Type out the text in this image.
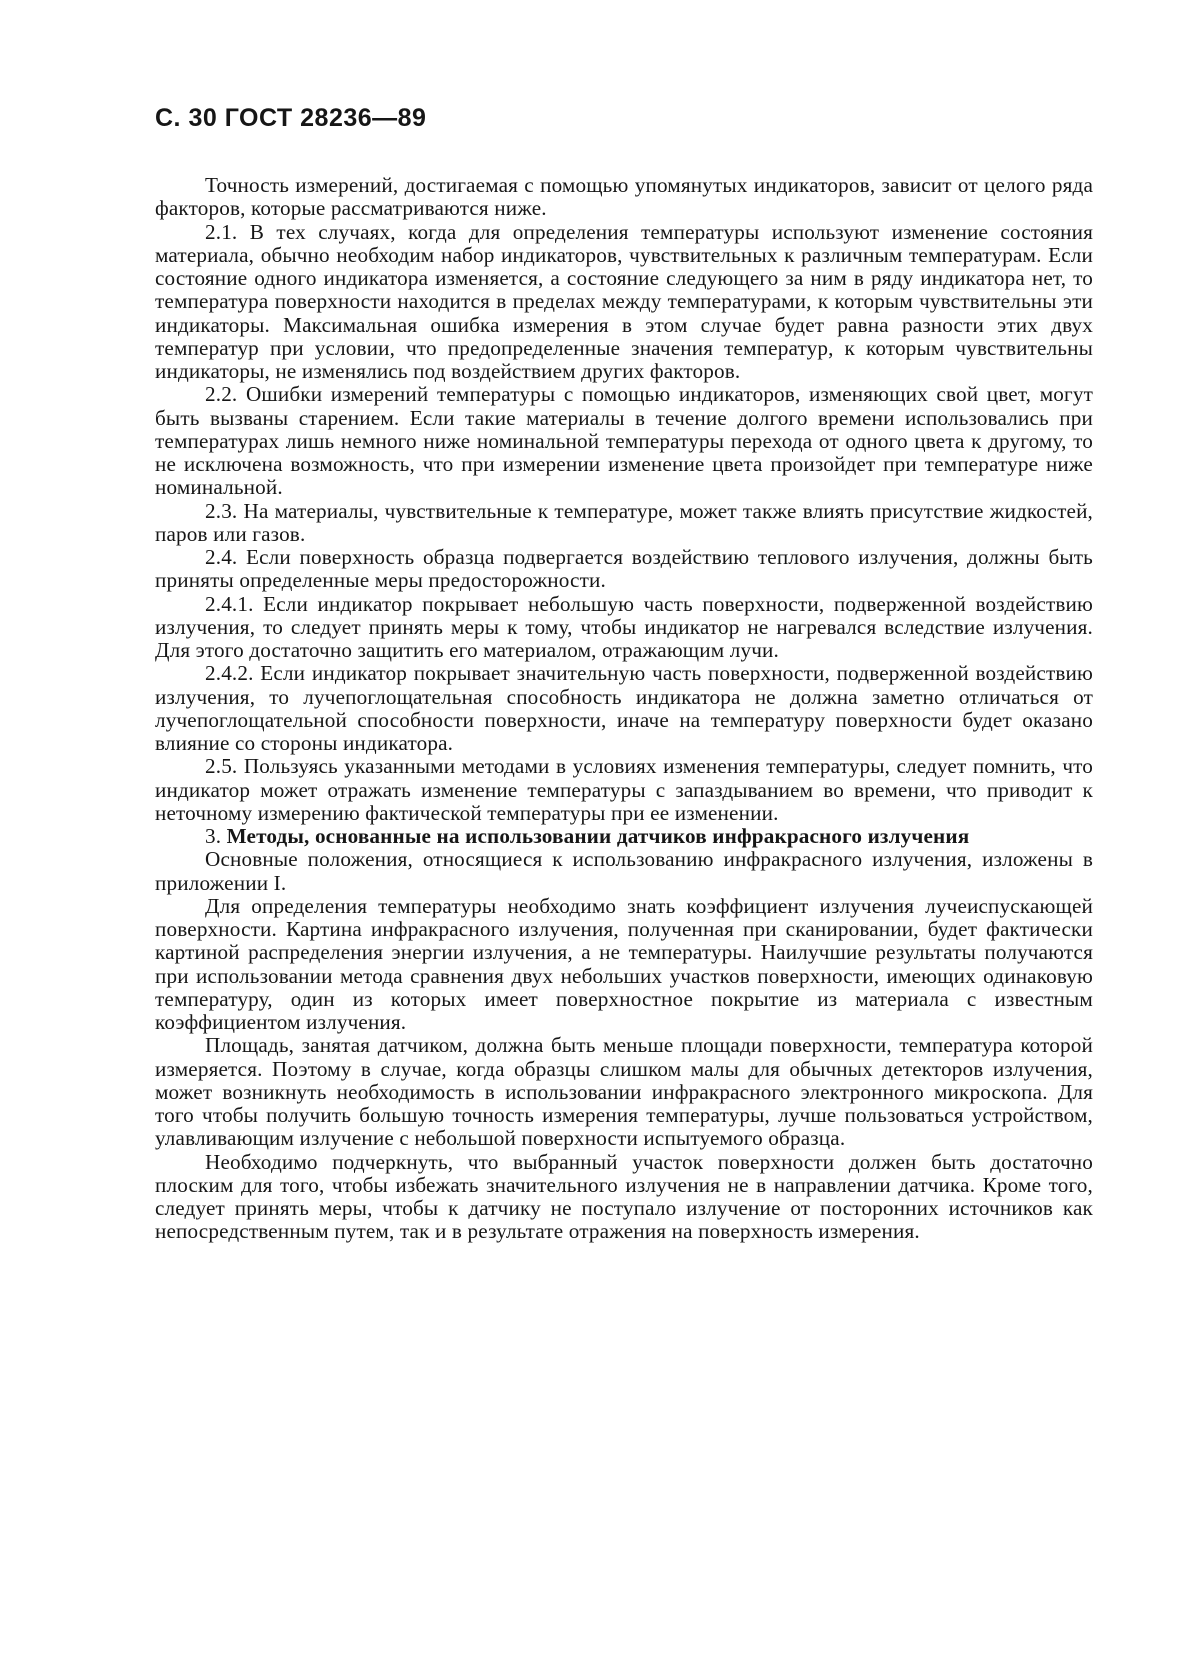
С. 30 ГОСТ 28236—89

Точность измерений, достигаемая с помощью упомянутых индикаторов, зависит от целого ряда факторов, которые рассматриваются ниже.

2.1. В тех случаях, когда для определения температуры используют изменение состояния материала, обычно необходим набор индикаторов, чувствительных к различным температурам. Если состояние одного индикатора изменяется, а состояние следующего за ним в ряду индикатора нет, то температура поверхности находится в пределах между температурами, к которым чувствительны эти индикаторы. Максимальная ошибка измерения в этом случае будет равна разности этих двух температур при условии, что предопределенные значения температур, к которым чувствительны индикаторы, не изменялись под воздействием других факторов.

2.2. Ошибки измерений температуры с помощью индикаторов, изменяющих свой цвет, могут быть вызваны старением. Если такие материалы в течение долгого времени использовались при температурах лишь немного ниже номинальной температуры перехода от одного цвета к другому, то не исключена возможность, что при измерении изменение цвета произойдет при температуре ниже номинальной.

2.3. На материалы, чувствительные к температуре, может также влиять присутствие жидкостей, паров или газов.

2.4. Если поверхность образца подвергается воздействию теплового излучения, должны быть приняты определенные меры предосторожности.

2.4.1. Если индикатор покрывает небольшую часть поверхности, подверженной воздействию излучения, то следует принять меры к тому, чтобы индикатор не нагревался вследствие излучения. Для этого достаточно защитить его материалом, отражающим лучи.

2.4.2. Если индикатор покрывает значительную часть поверхности, подверженной воздействию излучения, то лучепоглощательная способность индикатора не должна заметно отличаться от лучепоглощательной способности поверхности, иначе на температуру поверхности будет оказано влияние со стороны индикатора.

2.5. Пользуясь указанными методами в условиях изменения температуры, следует помнить, что индикатор может отражать изменение температуры с запаздыванием во времени, что приводит к неточному измерению фактической температуры при ее изменении.

3. Методы, основанные на использовании датчиков инфракрасного излучения

Основные положения, относящиеся к использованию инфракрасного излучения, изложены в приложении I.

Для определения температуры необходимо знать коэффициент излучения лучеиспускающей поверхности. Картина инфракрасного излучения, полученная при сканировании, будет фактически картиной распределения энергии излучения, а не температуры. Наилучшие результаты получаются при использовании метода сравнения двух небольших участков поверхности, имеющих одинаковую температуру, один из которых имеет поверхностное покрытие из материала с известным коэффициентом излучения.

Площадь, занятая датчиком, должна быть меньше площади поверхности, температура которой измеряется. Поэтому в случае, когда образцы слишком малы для обычных детекторов излучения, может возникнуть необходимость в использовании инфракрасного электронного микроскопа. Для того чтобы получить большую точность измерения температуры, лучше пользоваться устройством, улавливающим излучение с небольшой поверхности испытуемого образца.

Необходимо подчеркнуть, что выбранный участок поверхности должен быть достаточно плоским для того, чтобы избежать значительного излучения не в направлении датчика. Кроме того, следует принять меры, чтобы к датчику не поступало излучение от посторонних источников как непосредственным путем, так и в результате отражения на поверхность измерения.
